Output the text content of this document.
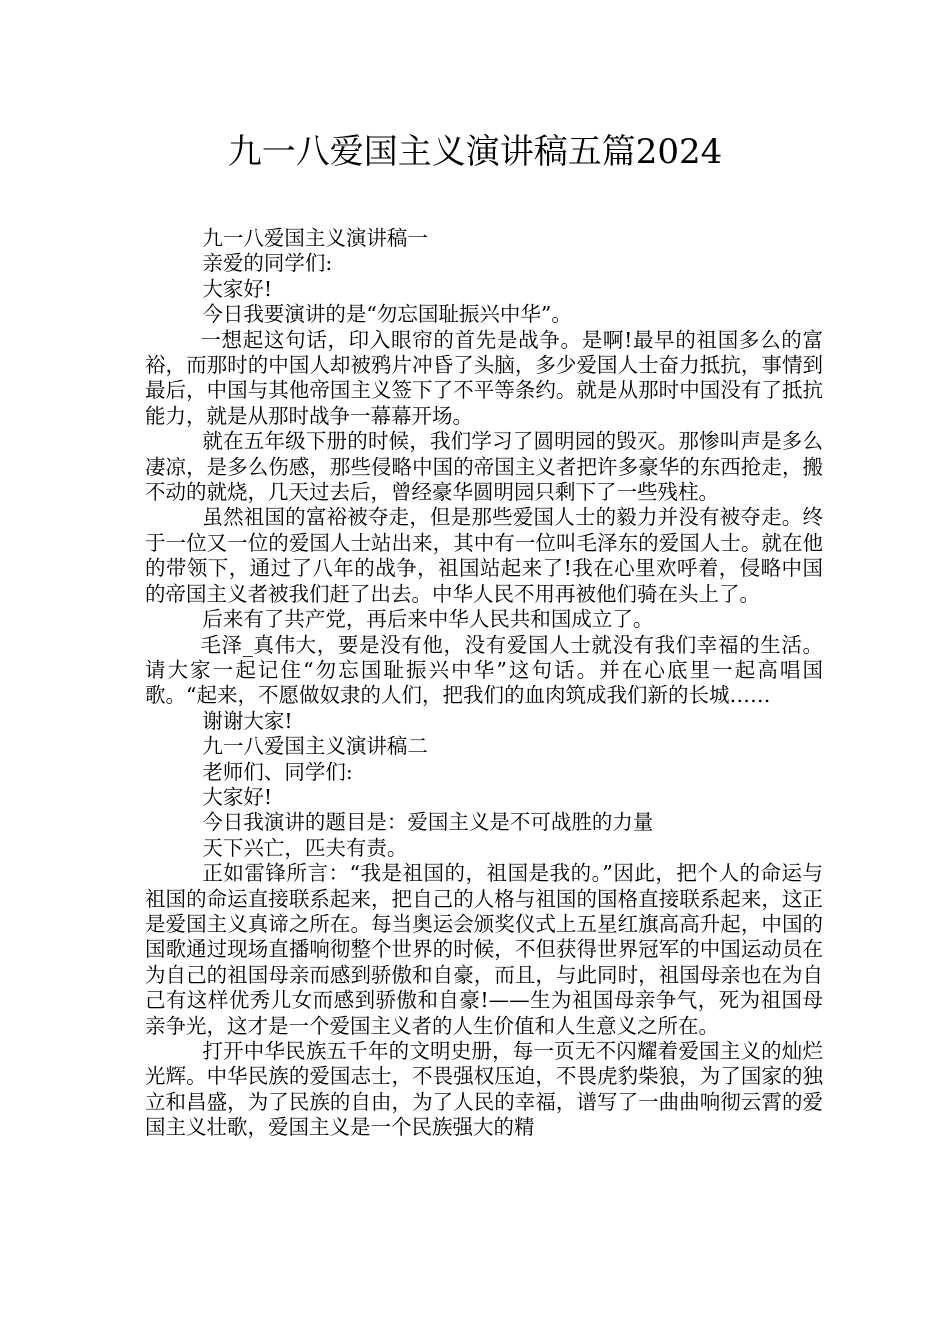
九一八爱国主义演讲稿五篇2024

九一八爱国主义演讲稿一

亲爱的同学们:

大家好!

今日我要演讲的是“勿忘国耻振兴中华”。

一想起这句话，印入眼帘的首先是战争。是啊!最早的祖国多么的富裕，而那时的中国人却被鸦片冲昏了头脑，多少爱国人士奋力抵抗，事情到最后，中国与其他帝国主义签下了不平等条约。就是从那时中国没有了抵抗能力，就是从那时战争一幕幕开场。

就在五年级下册的时候，我们学习了圆明园的毁灭。那惨叫声是多么凄凉，是多么伤感，那些侵略中国的帝国主义者把许多豪华的东西抢走，搬不动的就烧，几天过去后，曾经豪华圆明园只剩下了一些残柱。

虽然祖国的富裕被夺走，但是那些爱国人士的毅力并没有被夺走。终于一位又一位的爱国人士站出来，其中有一位叫毛泽东的爱国人士。就在他的带领下，通过了八年的战争，祖国站起来了!我在心里欢呼着，侵略中国的帝国主义者被我们赶了出去。中华人民不用再被他们骑在头上了。

后来有了共产党，再后来中华人民共和国成立了。

毛泽_真伟大，要是没有他，没有爱国人士就没有我们幸福的生活。请大家一起记住“勿忘国耻振兴中华”这句话。并在心底里一起高唱国歌。“起来，不愿做奴隶的人们，把我们的血肉筑成我们新的长城……

谢谢大家!

九一八爱国主义演讲稿二

老师们、同学们:

大家好!

今日我演讲的题目是：爱国主义是不可战胜的力量

天下兴亡，匹夫有责。

正如雷锋所言：“我是祖国的，祖国是我的。”因此，把个人的命运与祖国的命运直接联系起来，把自己的人格与祖国的国格直接联系起来，这正是爱国主义真谛之所在。每当奥运会颁奖仪式上五星红旗高高升起，中国的国歌通过现场直播响彻整个世界的时候，不但获得世界冠军的中国运动员在为自己的祖国母亲而感到骄傲和自豪，而且，与此同时，祖国母亲也在为自己有这样优秀儿女而感到骄傲和自豪!——生为祖国母亲争气，死为祖国母亲争光，这才是一个爱国主义者的人生价值和人生意义之所在。

打开中华民族五千年的文明史册，每一页无不闪耀着爱国主义的灿烂光辉。中华民族的爱国志士，不畏强权压迫，不畏虎豹柴狼，为了国家的独立和昌盛，为了民族的自由，为了人民的幸福，谱写了一曲曲响彻云霄的爱国主义壮歌，爱国主义是一个民族强大的精
